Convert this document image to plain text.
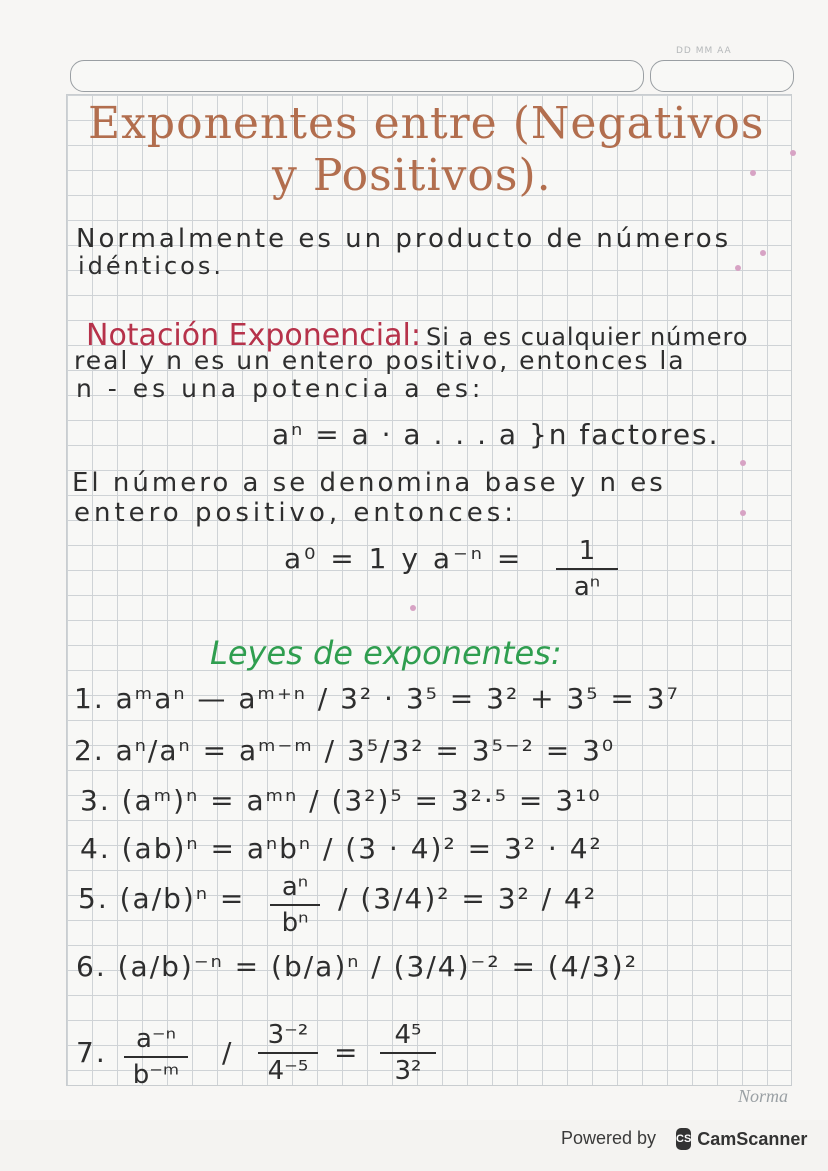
DD MM AA
Exponentes entre (Negativos
y Positivos).
Normalmente es un producto de números
idénticos.
Notación Exponencial: Si a es cualquier número
real y n es un entero positivo, entonces la
n - es una potencia a es:
aⁿ = a · a . . . a }n factores.
El número a se denomina base y n es
entero positivo, entonces:
a⁰ = 1 y a⁻ⁿ = 1
aⁿ
Leyes de exponentes:
1. aᵐaⁿ — aᵐ⁺ⁿ / 3² · 3⁵ = 3² + 3⁵ = 3⁷
2. aⁿ/aⁿ = aᵐ⁻ᵐ / 3⁵/3² = 3⁵⁻² = 3⁰
3. (aᵐ)ⁿ = aᵐⁿ / (3²)⁵ = 3²·⁵ = 3¹⁰
4. (ab)ⁿ = aⁿbⁿ / (3 · 4)² = 3² · 4²
5. (a/b)ⁿ = aⁿ
bⁿ
/ (3/4)² = 3² / 4²
6. (a/b)⁻ⁿ = (b/a)ⁿ / (3/4)⁻² = (4/3)²
7. a⁻ⁿ
b⁻ᵐ
/
3⁻²
4⁻⁵
=
4⁵
3²
Norma
Powered by CS CamScanner
